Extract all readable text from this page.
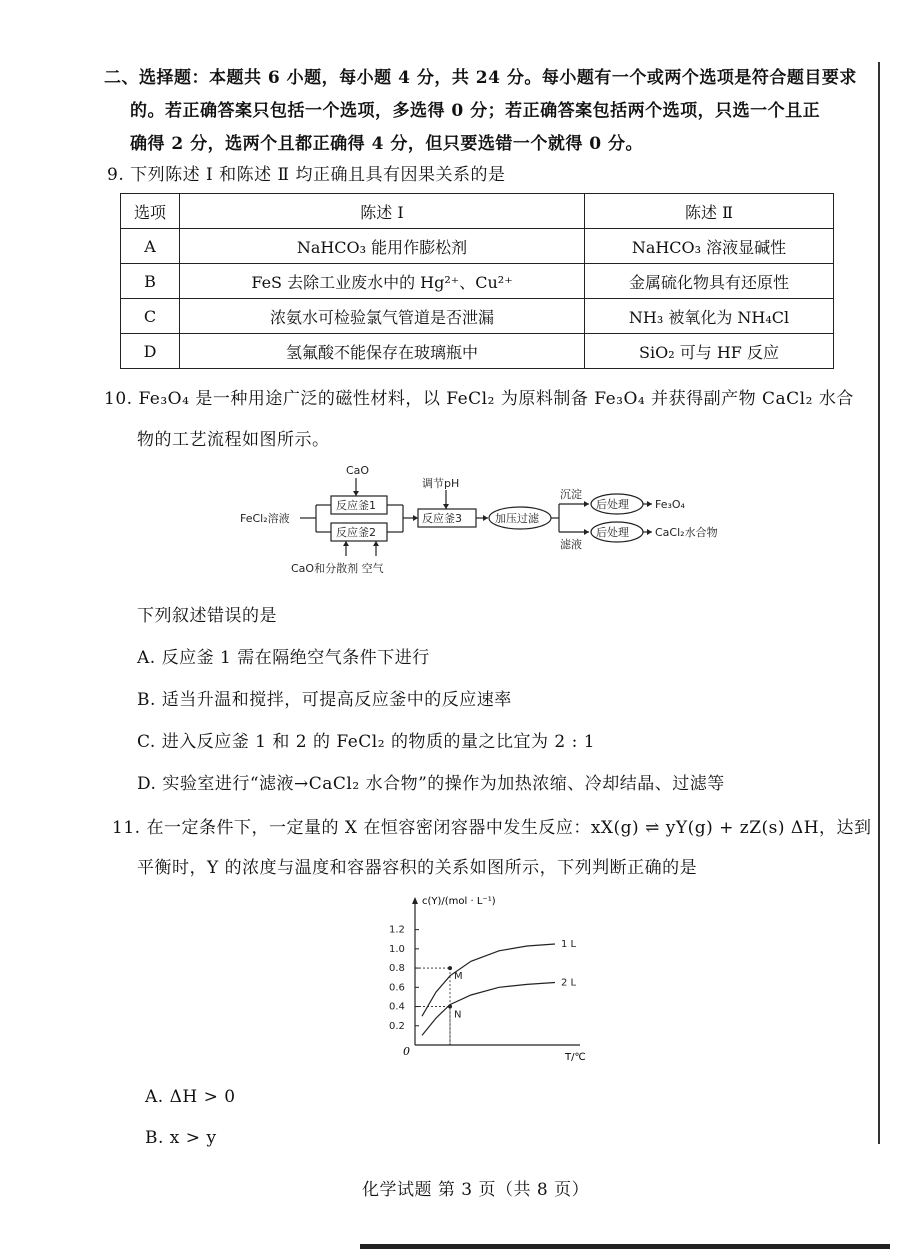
二、选择题：本题共 6 小题，每小题 4 分，共 24 分。每小题有一个或两个选项是符合题目要求
的。若正确答案只包括一个选项，多选得 0 分；若正确答案包括两个选项，只选一个且正
确得 2 分，选两个且都正确得 4 分，但只要选错一个就得 0 分。
9. 下列陈述 Ⅰ 和陈述 Ⅱ 均正确且具有因果关系的是
选项	陈述 Ⅰ	陈述 Ⅱ
A	NaHCO₃ 能用作膨松剂	NaHCO₃ 溶液显碱性
B	FeS 去除工业废水中的 Hg²⁺、Cu²⁺	金属硫化物具有还原性
C	浓氨水可检验氯气管道是否泄漏	NH₃ 被氧化为 NH₄Cl
D	氢氟酸不能保存在玻璃瓶中	SiO₂ 可与 HF 反应
10. Fe₃O₄ 是一种用途广泛的磁性材料，以 FeCl₂ 为原料制备 Fe₃O₄ 并获得副产物 CaCl₂ 水合
物的工艺流程如图所示。
FeCl₂溶液
CaO
反应釜1
反应釜2
CaO和分散剂 空气
调节pH
反应釜3	加压过滤
沉淀
滤液
后处理
后处理
Fe₃O₄
CaCl₂水合物
下列叙述错误的是
A. 反应釜 1 需在隔绝空气条件下进行
B. 适当升温和搅拌，可提高反应釜中的反应速率
C. 进入反应釜 1 和 2 的 FeCl₂ 的物质的量之比宜为 2 : 1
D. 实验室进行“滤液→CaCl₂ 水合物”的操作为加热浓缩、冷却结晶、过滤等
11. 在一定条件下，一定量的 X 在恒容密闭容器中发生反应：xX(g) ⇌ yY(g) + zZ(s) ΔH，达到
平衡时，Y 的浓度与温度和容器容积的关系如图所示，下列判断正确的是
c(Y)/(mol · L⁻¹)
T/℃
0
0.2
0.4
0.6
0.8
1.0
1.2
1 L
2 L
M
N
A. ΔH > 0
B. x > y
化学试题 第 3 页（共 8 页）
